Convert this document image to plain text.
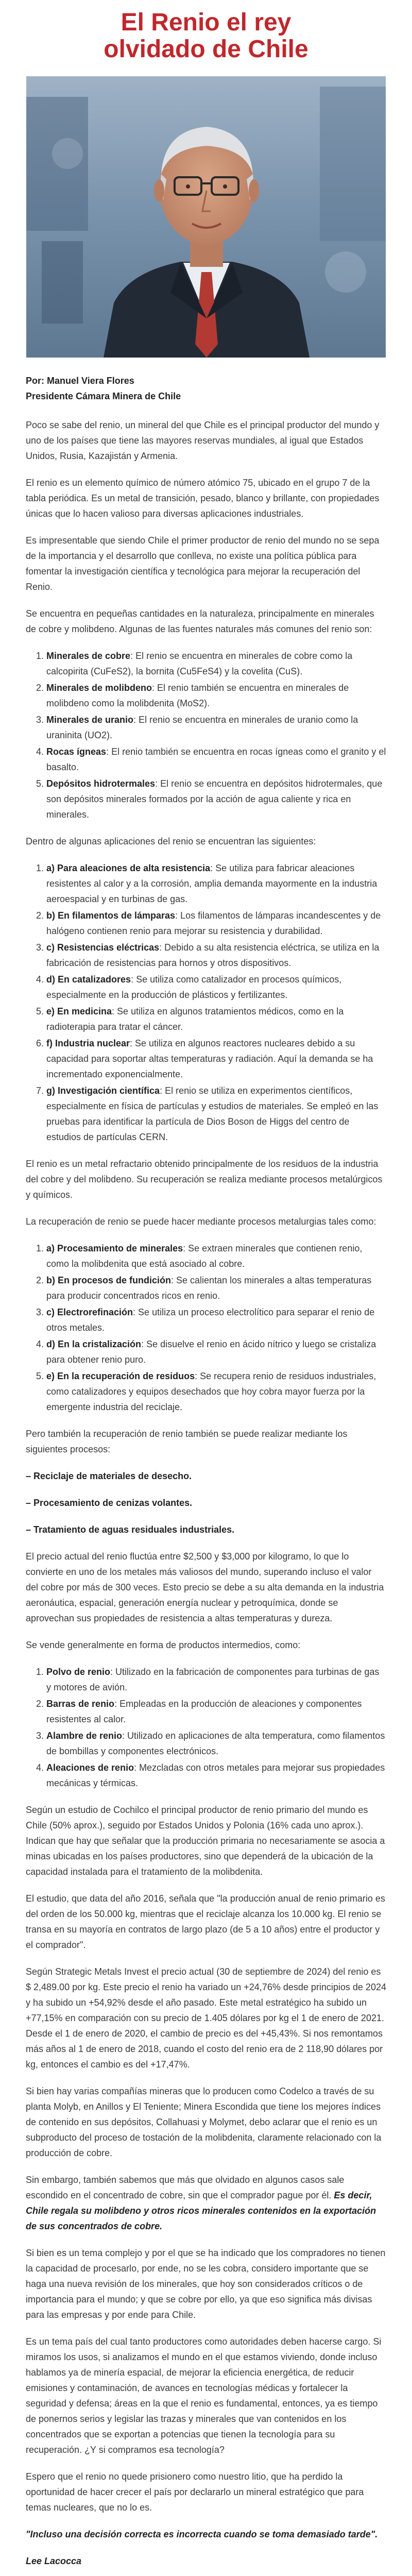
El Renio el rey olvidado de Chile

Por: Manuel Viera Flores

Presidente Cámara Minera de Chile

Poco se sabe del renio, un mineral del que Chile es el principal productor del mundo y uno de los países que tiene las mayores reservas mundiales, al igual que Estados Unidos, Rusia, Kazajistán y Armenia.

El renio es un elemento químico de número atómico 75, ubicado en el grupo 7 de la tabla periódica. Es un metal de transición, pesado, blanco y brillante, con propiedades únicas que lo hacen valioso para diversas aplicaciones industriales.

Es impresentable que siendo Chile el primer productor de renio del mundo no se sepa de la importancia y el desarrollo que conlleva, no existe una política pública para fomentar la investigación científica y tecnológica para mejorar la recuperación del Renio.

Se encuentra en pequeñas cantidades en la naturaleza, principalmente en minerales de cobre y molibdeno. Algunas de las fuentes naturales más comunes del renio son:

1. Minerales de cobre: El renio se encuentra en minerales de cobre como la calcopirita (CuFeS2), la bornita (Cu5FeS4) y la covelita (CuS).
2. Minerales de molibdeno: El renio también se encuentra en minerales de molibdeno como la molibdenita (MoS2).
3. Minerales de uranio: El renio se encuentra en minerales de uranio como la uraninita (UO2).
4. Rocas ígneas: El renio también se encuentra en rocas ígneas como el granito y el basalto.
5. Depósitos hidrotermales: El renio se encuentra en depósitos hidrotermales, que son depósitos minerales formados por la acción de agua caliente y rica en minerales.

Dentro de algunas aplicaciones del renio se encuentran las siguientes:

1. a) Para aleaciones de alta resistencia: Se utiliza para fabricar aleaciones resistentes al calor y a la corrosión, amplia demanda mayormente en la industria aeroespacial y en turbinas de gas.
2. b) En filamentos de lámparas: Los filamentos de lámparas incandescentes y de halógeno contienen renio para mejorar su resistencia y durabilidad.
3. c) Resistencias eléctricas: Debido a su alta resistencia eléctrica, se utiliza en la fabricación de resistencias para hornos y otros dispositivos.
4. d) En catalizadores: Se utiliza como catalizador en procesos químicos, especialmente en la producción de plásticos y fertilizantes.
5. e) En medicina: Se utiliza en algunos tratamientos médicos, como en la radioterapia para tratar el cáncer.
6. f) Industria nuclear: Se utiliza en algunos reactores nucleares debido a su capacidad para soportar altas temperaturas y radiación. Aquí la demanda se ha incrementado exponencialmente.
7. g) Investigación científica: El renio se utiliza en experimentos científicos, especialmente en física de partículas y estudios de materiales. Se empleó en las pruebas para identificar la partícula de Dios Boson de Higgs del centro de estudios de partículas CERN.

El renio es un metal refractario obtenido principalmente de los residuos de la industria del cobre y del molibdeno. Su recuperación se realiza mediante procesos metalúrgicos y químicos.

La recuperación de renio se puede hacer mediante procesos metalurgias tales como:

1. a) Procesamiento de minerales: Se extraen minerales que contienen renio, como la molibdenita que está asociado al cobre.
2. b) En procesos de fundición: Se calientan los minerales a altas temperaturas para producir concentrados ricos en renio.
3. c) Electrorefinación: Se utiliza un proceso electrolítico para separar el renio de otros metales.
4. d) En la cristalización: Se disuelve el renio en ácido nítrico y luego se cristaliza para obtener renio puro.
5. e) En la recuperación de residuos: Se recupera renio de residuos industriales, como catalizadores y equipos desechados que hoy cobra mayor fuerza por la emergente industria del reciclaje.

Pero también la recuperación de renio también se puede realizar mediante los siguientes procesos:

– Reciclaje de materiales de desecho.

– Procesamiento de cenizas volantes.

– Tratamiento de aguas residuales industriales.

El precio actual del renio fluctúa entre $2,500 y $3,000 por kilogramo, lo que lo convierte en uno de los metales más valiosos del mundo, superando incluso el valor del cobre por más de 300 veces. Esto precio se debe a su alta demanda en la industria aeronáutica, espacial, generación energía nuclear y petroquímica, donde se aprovechan sus propiedades de resistencia a altas temperaturas y dureza.

Se vende generalmente en forma de productos intermedios, como:

1. Polvo de renio: Utilizado en la fabricación de componentes para turbinas de gas y motores de avión.
2. Barras de renio: Empleadas en la producción de aleaciones y componentes resistentes al calor.
3. Alambre de renio: Utilizado en aplicaciones de alta temperatura, como filamentos de bombillas y componentes electrónicos.
4. Aleaciones de renio: Mezcladas con otros metales para mejorar sus propiedades mecánicas y térmicas.

Según un estudio de Cochilco el principal productor de renio primario del mundo es Chile (50% aprox.), seguido por Estados Unidos y Polonia (16% cada uno aprox.). Indican que hay que señalar que la producción primaria no necesariamente se asocia a minas ubicadas en los países productores, sino que dependerá de la ubicación de la capacidad instalada para el tratamiento de la molibdenita.

El estudio, que data del año 2016, señala que "la producción anual de renio primario es del orden de los 50.000 kg, mientras que el reciclaje alcanza los 10.000 kg. El renio se transa en su mayoría en contratos de largo plazo (de 5 a 10 años) entre el productor y el comprador".

Según Strategic Metals Invest el precio actual (30 de septiembre de 2024) del renio es $ 2,489.00 por kg. Este precio el renio ha variado un +24,76% desde principios de 2024 y ha subido un +54,92% desde el año pasado. Este metal estratégico ha subido un +77,15% en comparación con su precio de 1.405 dólares por kg el 1 de enero de 2021. Desde el 1 de enero de 2020, el cambio de precio es del +45,43%. Si nos remontamos más años al 1 de enero de 2018, cuando el costo del renio era de 2 118,90 dólares por kg, entonces el cambio es del +17,47%.

Si bien hay varias compañías mineras que lo producen como Codelco a través de su planta Molyb, en Anillos y El Teniente; Minera Escondida que tiene los mejores índices de contenido en sus depósitos, Collahuasi y Molymet, debo aclarar que el renio es un subproducto del proceso de tostación de la molibdenita, claramente relacionado con la producción de cobre.

Sin embargo, también sabemos que más que olvidado en algunos casos sale escondido en el concentrado de cobre, sin que el comprador pague por él. Es decir, Chile regala su molibdeno y otros ricos minerales contenidos en la exportación de sus concentrados de cobre.

Si bien es un tema complejo y por el que se ha indicado que los compradores no tienen la capacidad de procesarlo, por ende, no se les cobra, considero importante que se haga una nueva revisión de los minerales, que hoy son considerados críticos o de importancia para el mundo; y que se cobre por ello, ya que eso significa más divisas para las empresas y por ende para Chile.

Es un tema país del cual tanto productores como autoridades deben hacerse cargo. Si miramos los usos, si analizamos el mundo en el que estamos viviendo, donde incluso hablamos ya de minería espacial, de mejorar la eficiencia energética, de reducir emisiones y contaminación, de avances en tecnologías médicas y fortalecer la seguridad y defensa; áreas en la que el renio es fundamental, entonces, ya es tiempo de ponernos serios y legislar las trazas y minerales que van contenidos en los concentrados que se exportan a potencias que tienen la tecnología para su recuperación. ¿Y si compramos esa tecnología?

Espero que el renio no quede prisionero como nuestro litio, que ha perdido la oportunidad de hacer crecer el país por declararlo un mineral estratégico que para temas nucleares, que no lo es.

"Incluso una decisión correcta es incorrecta cuando se toma demasiado tarde".

Lee Lacocca
